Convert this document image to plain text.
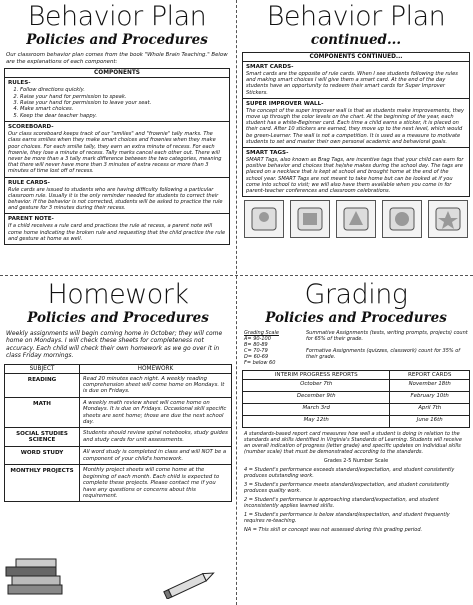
Behavior Plan
Policies and Procedures
Our classroom behavior plan comes from the book "Whole Brain Teaching." Below are the explanations of each component:
COMPONENTS
RULES-
1. Follow directions quickly.
2. Raise your hand for permission to speak.
3. Raise your hand for permission to leave your seat.
4. Make smart choices.
5. Keep the dear teacher happy.
SCOREBOARD-
Our class scoreboard keeps track of our "smilies" and "frownie" tally marks. The class earns smilies when they make smart choices and frownies when they make poor choices. For each smilie tally, they earn an extra minute of recess. For each frownie, they lose a minute of recess. Tally marks cancel each other out. There will never be more than a 3 tally mark difference between the two categories, meaning that there will never have more than 3 minutes of extra recess or more than 3 minutes of time lost off of recess.
RULE CARDS-
Rule cards are issued to students who are having difficulty following a particular classroom rule. Usually it is the only reminder needed for students to correct their behavior. If the behavior is not corrected, students will be asked to practice the rule and gesture for 3 minutes during their recess.
PARENT NOTE-
If a child receives a rule card and practices the rule at recess, a parent note will come home indicating the broken rule and requesting that the child practice the rule and gesture at home as well.
Behavior Plan
continued...
COMPONENTS CONTINUED...
SMART CARDS-
Smart cards are the opposite of rule cards. When I see students following the rules and making smart choices I will give them a smart card. At the end of the day students have an opportunity to redeem their smart cards for Super Improver Stickers.
SUPER IMPROVER WALL-
The concept of the super improver wall is that as students make improvements, they move up through the color levels on the chart. At the beginning of the year, each student has a white-Beginner card. Each time a child earns a sticker, it is placed on their card. After 10 stickers are earned, they move up to the next level, which would be green-Learner. The wall is not a competition. It is used as a measure to motivate students to set and master their own personal academic and behavioral goals.
SMART TAGS-
SMART Tags, also known as Brag Tags, are incentive tags that your child can earn for positive behavior and choices that he/she makes during the school day. The tags are placed on a necklace that is kept at school and brought home at the end of the school year. SMART Tags are not meant to take home but can be looked at if you come into school to visit; we will also have them available when you come in for parent-teacher conferences and classroom celebrations.
Homework
Policies and Procedures
Weekly assignments will begin coming home in October; they will come home on Mondays. I will check these sheets for completeness not accuracy. Each child will check their own homework as we go over it in class Friday mornings.
SUBJECT	HOMEWORK
READING	Read 20 minutes each night. A weekly reading comprehension sheet will come home on Mondays. It is due on Fridays.
MATH	A weekly math review sheet will come home on Mondays. It is due on Fridays. Occasional skill specific sheets are sent home; those are due the next school day.
SOCIAL STUDIES SCIENCE	Students should review spiral notebooks, study guides and study cards for unit assessments.
WORD STUDY	All word study is completed in class and will NOT be a component of your child's homework.
MONTHLY PROJECTS	Monthly project sheets will come home at the beginning of each month. Each child is expected to complete these projects. Please contact me if you have any questions or concerns about this requirement.
Grading
Policies and Procedures
Grading Scale
A= 90-100
B= 80-89
C= 70-79
D= 60-69
F= below 60
Summative Assignments (tests, writing prompts, projects) count for 65% of their grade.
Formative Assignments (quizzes, classwork) count for 35% of their grade.
INTERIM PROGRESS REPORTS	REPORT CARDS
October 7th	November 18th
December 9th	February 10th
March 3rd	April 7th
May 12th	June 16th

A standards-based report card measures how well a student is doing in relation to the standards and skills identified in Virginia's Standards of Learning. Students will receive an overall indication of progress (letter grade) and specific updates on individual skills (number scale) that must be demonstrated according to the standards.

Grades 2-5 Number Scale

4 = Student's performance exceeds standard/expectation, and student consistently produces outstanding work.

3 = Student's performance meets standard/expectation, and student consistently produces quality work.

2 = Student's performance is approaching standard/expectation, and student inconsistently applies learned skills.

1 = Student's performance is below standard/expectation, and student frequently requires re-teaching.

NA = This skill or concept was not assessed during this grading period.
